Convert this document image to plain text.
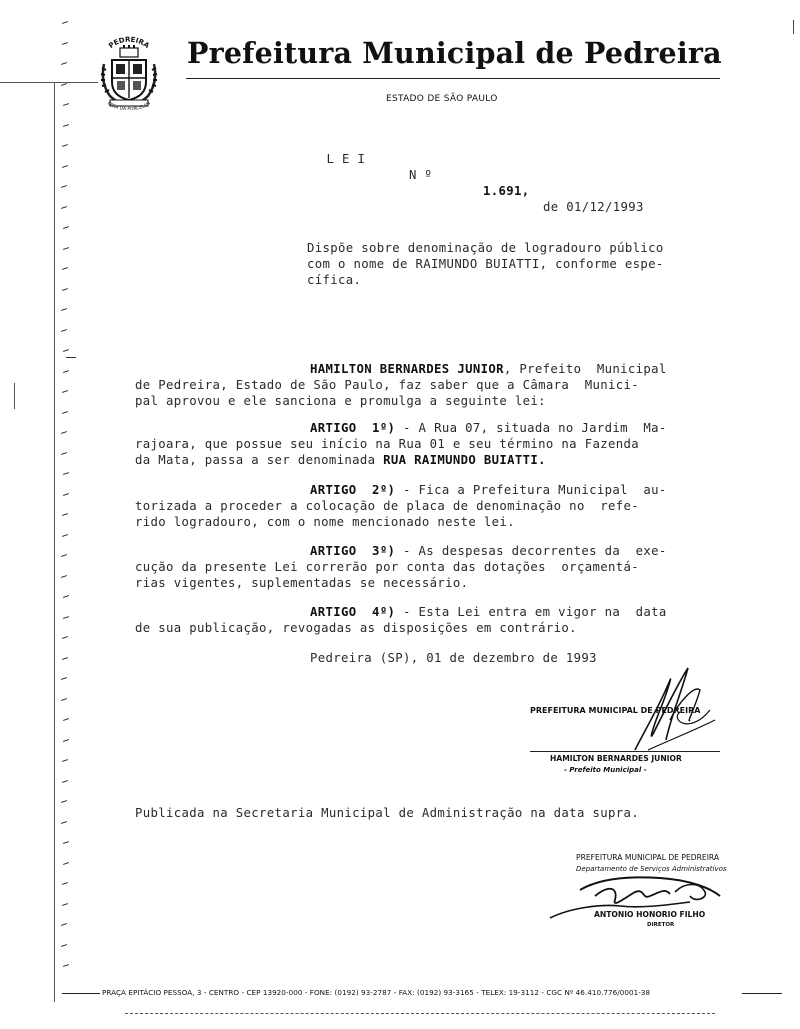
PEDREIRA
ERRA DA PORCELAN
Prefeitura Municipal de Pedreira
ESTADO DE SÃO PAULO

L E I

N º

1.691,

de 01/12/1993

Dispõe sobre denominação de logradouro público
com o nome de RAIMUNDO BUIATTI, conforme espe-
cífica.
HAMILTON BERNARDES JUNIOR, Prefeito  Municipal
de Pedreira, Estado de São Paulo, faz saber que a Câmara  Munici-
pal aprovou e ele sanciona e promulga a seguinte lei:
ARTIGO  1º) - A Rua 07, situada no Jardim  Ma-
rajoara, que possue seu início na Rua 01 e seu término na Fazenda
da Mata, passa a ser denominada RUA RAIMUNDO BUIATTI.
ARTIGO  2º) - Fica a Prefeitura Municipal  au-
torizada a proceder a colocação de placa de denominação no  refe-
rido logradouro, com o nome mencionado neste lei.
ARTIGO  3º) - As despesas decorrentes da  exe-
cução da presente Lei correrão por conta das dotações  orçamentá-
rias vigentes, suplementadas se necessário.
ARTIGO  4º) - Esta Lei entra em vigor na  data
de sua publicação, revogadas as disposições em contrário.
Pedreira (SP), 01 de dezembro de 1993
PREFEITURA MUNICIPAL DE PEDREIRA
HAMILTON BERNARDES JUNIOR
- Prefeito Municipal -
Publicada na Secretaria Municipal de Administração na data supra.
PREFEITURA MUNICIPAL DE PEDREIRA
Departamento de Serviços Administrativos
ANTONIO HONORIO FILHO
DIRETOR
PRAÇA EPITÁCIO PESSOA, 3 - CENTRO - CEP 13920-000 - FONE: (0192) 93-2787 - FAX: (0192) 93-3165 - TELEX: 19-3112 - CGC Nº 46.410.776/0001-38
